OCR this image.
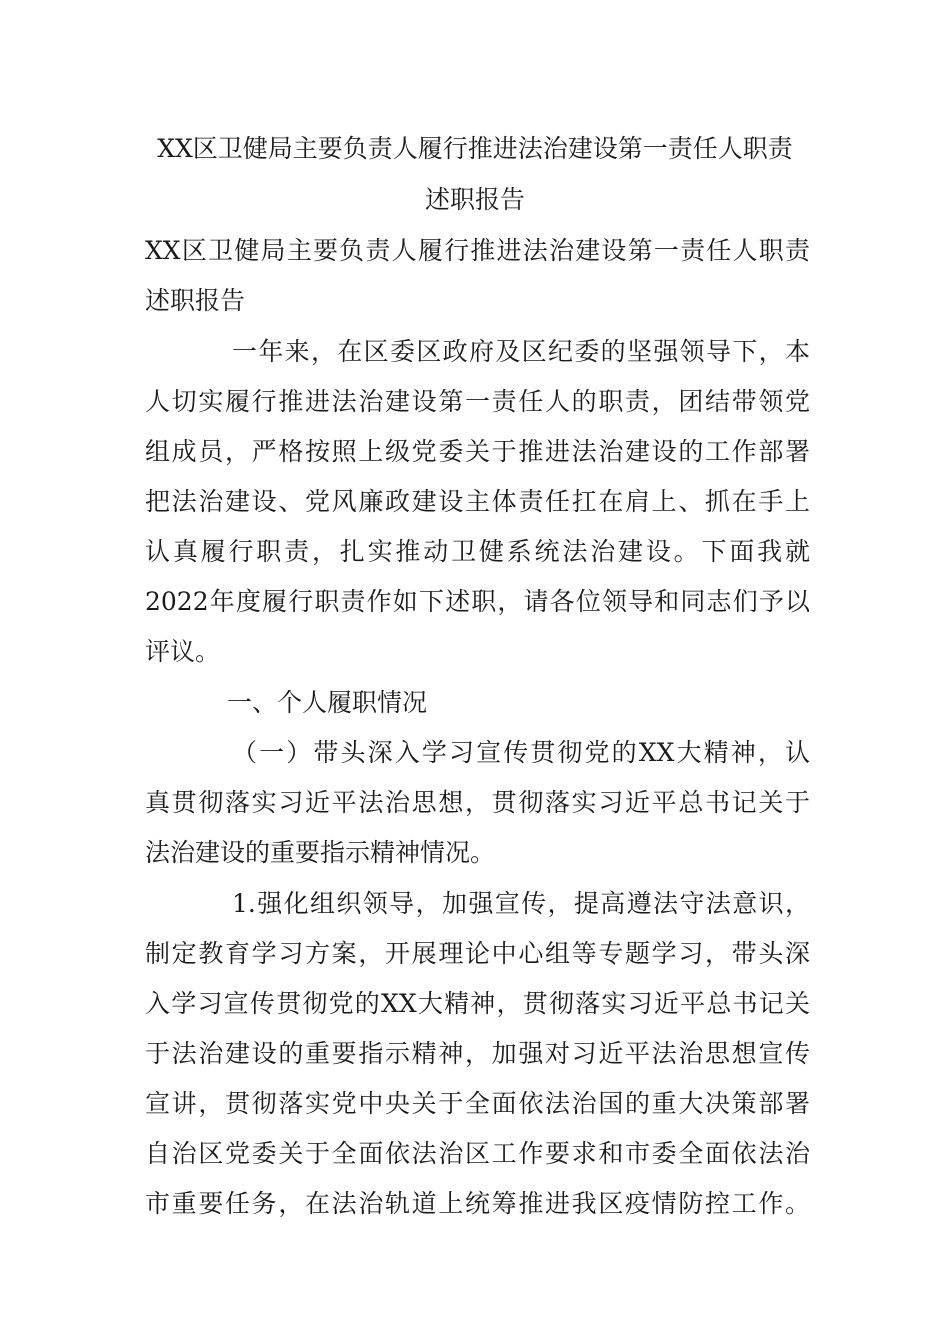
XX区卫健局主要负责人履行推进法治建设第一责任人职责
述职报告
XX区卫健局主要负责人履行推进法治建设第一责任人职责
述职报告
一年来，在区委区政府及区纪委的坚强领导下，本
人切实履行推进法治建设第一责任人的职责，团结带领党
组成员，严格按照上级党委关于推进法治建设的工作部署
把法治建设、党风廉政建设主体责任扛在肩上、抓在手上
认真履行职责，扎实推动卫健系统法治建设。下面我就
2022年度履行职责作如下述职，请各位领导和同志们予以
评议。
一、个人履职情况
（一）带头深入学习宣传贯彻党的XX大精神，认
真贯彻落实习近平法治思想，贯彻落实习近平总书记关于
法治建设的重要指示精神情况。
1.强化组织领导，加强宣传，提高遵法守法意识，
制定教育学习方案，开展理论中心组等专题学习，带头深
入学习宣传贯彻党的XX大精神，贯彻落实习近平总书记关
于法治建设的重要指示精神，加强对习近平法治思想宣传
宣讲，贯彻落实党中央关于全面依法治国的重大决策部署
自治区党委关于全面依法治区工作要求和市委全面依法治
市重要任务，在法治轨道上统筹推进我区疫情防控工作。
